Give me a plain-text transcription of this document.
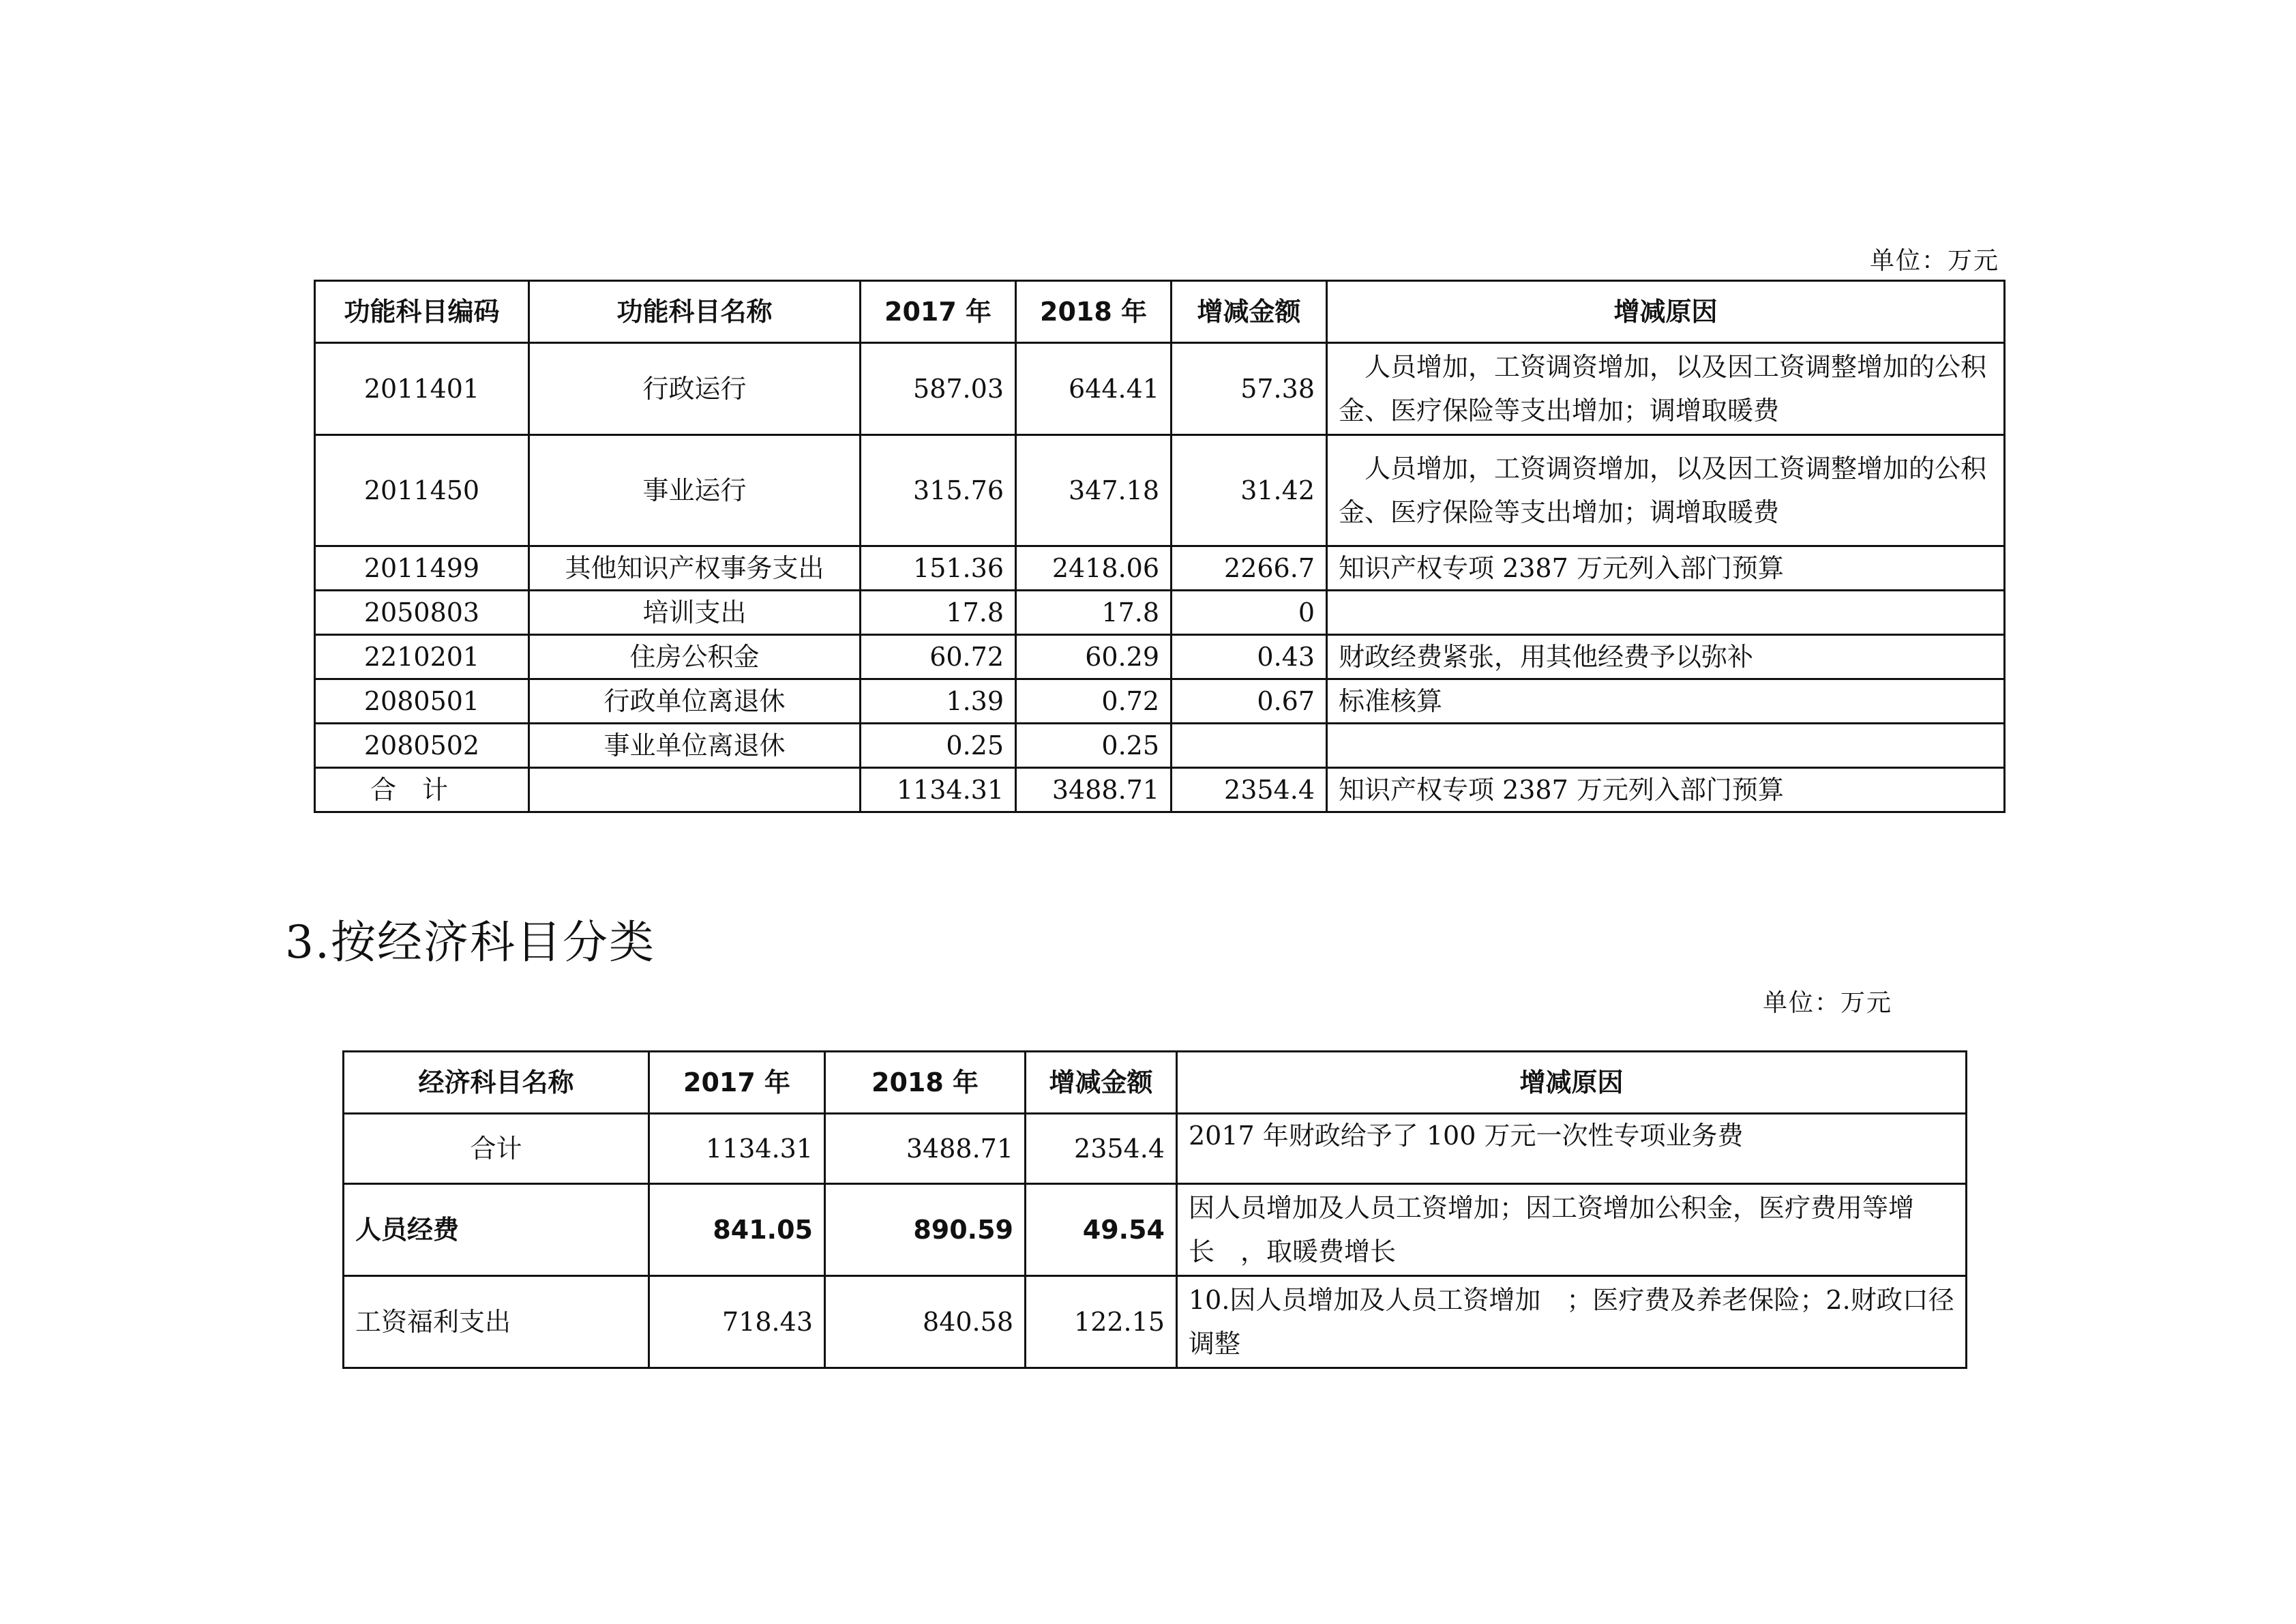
单位：万元
功能科目编码	功能科目名称	2017 年	2018 年	增减金额	增减原因
2011401	行政运行	587.03	644.41	57.38	人员增加，工资调资增加，以及因工资调整增加的公积金、医疗保险等支出增加；调增取暖费
2011450	事业运行	315.76	347.18	31.42	人员增加，工资调资增加，以及因工资调整增加的公积金、医疗保险等支出增加；调增取暖费
2011499	其他知识产权事务支出	151.36	2418.06	2266.7	知识产权专项 2387 万元列入部门预算
2050803	培训支出	17.8	17.8	0	
2210201	住房公积金	60.72	60.29	0.43	财政经费紧张，用其他经费予以弥补
2080501	行政单位离退休	1.39	0.72	0.67	标准核算
2080502	事业单位离退休	0.25	0.25		
合　计		1134.31	3488.71	2354.4	知识产权专项 2387 万元列入部门预算
3.按经济科目分类
单位：万元
经济科目名称	2017 年	2018 年	增减金额	增减原因
合计	1134.31	3488.71	2354.4	2017 年财政给予了 100 万元一次性专项业务费
人员经费	841.05	890.59	49.54	因人员增加及人员工资增加；因工资增加公积金，医疗费用等增长　，取暖费增长
工资福利支出	718.43	840.58	122.15	10.因人员增加及人员工资增加　；医疗费及养老保险；2.财政口径调整
